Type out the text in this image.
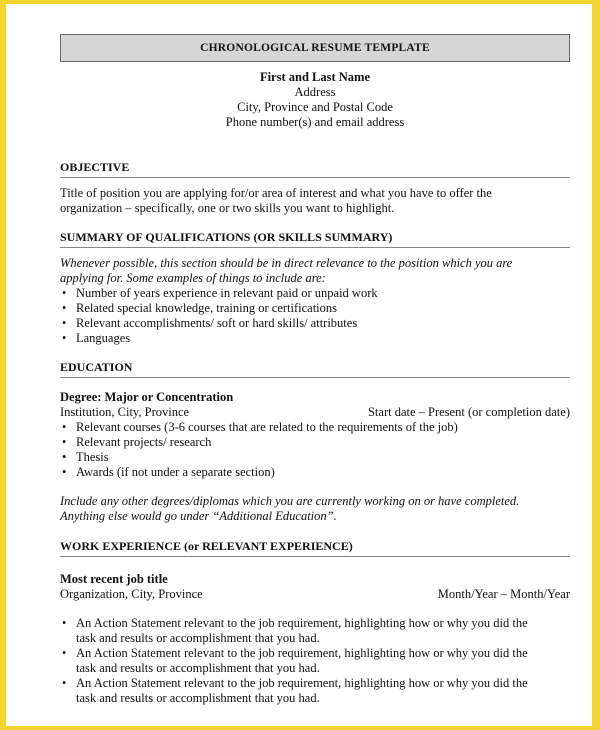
CHRONOLOGICAL RESUME TEMPLATE
First and Last Name
Address
City, Province and Postal Code
Phone number(s) and email address
OBJECTIVE
Title of position you are applying for/or area of interest and what you have to offer the
organization – specifically, one or two skills you want to highlight.
SUMMARY OF QUALIFICATIONS (OR SKILLS SUMMARY)
Whenever possible, this section should be in direct relevance to the position which you are
applying for. Some examples of things to include are:
• Number of years experience in relevant paid or unpaid work
• Related special knowledge, training or certifications
• Relevant accomplishments/ soft or hard skills/ attributes
• Languages
EDUCATION
Degree: Major or Concentration
Institution, City, Province	Start date – Present (or completion date)
• Relevant courses (3-6 courses that are related to the requirements of the job)
• Relevant projects/ research
• Thesis
• Awards (if not under a separate section)
Include any other degrees/diplomas which you are currently working on or have completed.
Anything else would go under “Additional Education”.
WORK EXPERIENCE (or RELEVANT EXPERIENCE)
Most recent job title
Organization, City, Province	Month/Year – Month/Year
• An Action Statement relevant to the job requirement, highlighting how or why you did the
task and results or accomplishment that you had.
• An Action Statement relevant to the job requirement, highlighting how or why you did the
task and results or accomplishment that you had.
• An Action Statement relevant to the job requirement, highlighting how or why you did the
task and results or accomplishment that you had.
